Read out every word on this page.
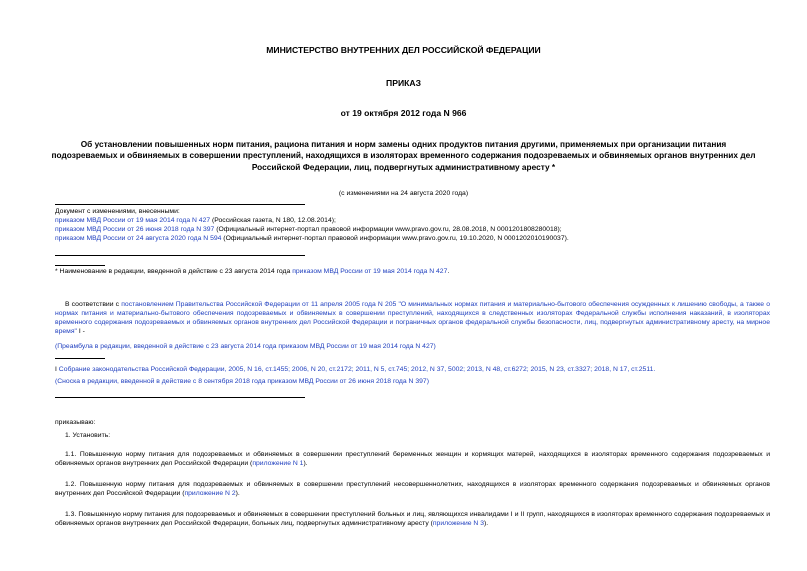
МИНИСТЕРСТВО ВНУТРЕННИХ ДЕЛ РОССИЙСКОЙ ФЕДЕРАЦИИ
ПРИКАЗ
от 19 октября 2012 года N 966
Об установлении повышенных норм питания, рациона питания и норм замены одних продуктов питания другими, применяемых при организации питания подозреваемых и обвиняемых в совершении преступлений, находящихся в изоляторах временного содержания подозреваемых и обвиняемых органов внутренних дел Российской Федерации, лиц, подвергнутых административному аресту *
(с изменениями на 24 августа 2020 года)

Документ с изменениями, внесенными:

приказом МВД России от 19 мая 2014 года N 427 (Российская газета, N 180, 12.08.2014);

приказом МВД России от 26 июня 2018 года N 397 (Официальный интернет-портал правовой информации www.pravo.gov.ru, 28.08.2018, N 0001201808280018);

приказом МВД России от 24 августа 2020 года N 594 (Официальный интернет-портал правовой информации www.pravo.gov.ru, 19.10.2020, N 0001202010190037).

* Наименование в редакции, введенной в действие с 23 августа 2014 года приказом МВД России от 19 мая 2014 года N 427.

В соответствии с постановлением Правительства Российской Федерации от 11 апреля 2005 года N 205 "О минимальных нормах питания и материально-бытового обеспечения осужденных к лишению свободы, а также о нормах питания и материально-бытового обеспечения подозреваемых и обвиняемых в совершении преступлений, находящихся в следственных изоляторах Федеральной службы исполнения наказаний, в изоляторах временного содержания подозреваемых и обвиняемых органов внутренних дел Российской Федерации и пограничных органов федеральной службы безопасности, лиц, подвергнутых административному аресту, на мирное время" I -

(Преамбула в редакции, введенной в действие с 23 августа 2014 года приказом МВД России от 19 мая 2014 года N 427)

I Собрание законодательства Российской Федерации, 2005, N 16, ст.1455; 2006, N 20, ст.2172; 2011, N 5, ст.745; 2012, N 37, 5002; 2013, N 48, ст.6272; 2015, N 23, ст.3327; 2018, N 17, ст.2511.

(Сноска в редакции, введенной в действие с 8 сентября 2018 года приказом МВД России от 26 июня 2018 года N 397)
приказываю:
1. Установить:

1.1. Повышенную норму питания для подозреваемых и обвиняемых в совершении преступлений беременных женщин и кормящих матерей, находящихся в изоляторах временного содержания подозреваемых и обвиняемых органов внутренних дел Российской Федерации (приложение N 1).

1.2. Повышенную норму питания для подозреваемых и обвиняемых в совершении преступлений несовершеннолетних, находящихся в изоляторах временного содержания подозреваемых и обвиняемых органов внутренних дел Российской Федерации (приложение N 2).

1.3. Повышенную норму питания для подозреваемых и обвиняемых в совершении преступлений больных и лиц, являющихся инвалидами I и II групп, находящихся в изоляторах временного содержания подозреваемых и обвиняемых органов внутренних дел Российской Федерации, больных лиц, подвергнутых административному аресту (приложение N 3).
